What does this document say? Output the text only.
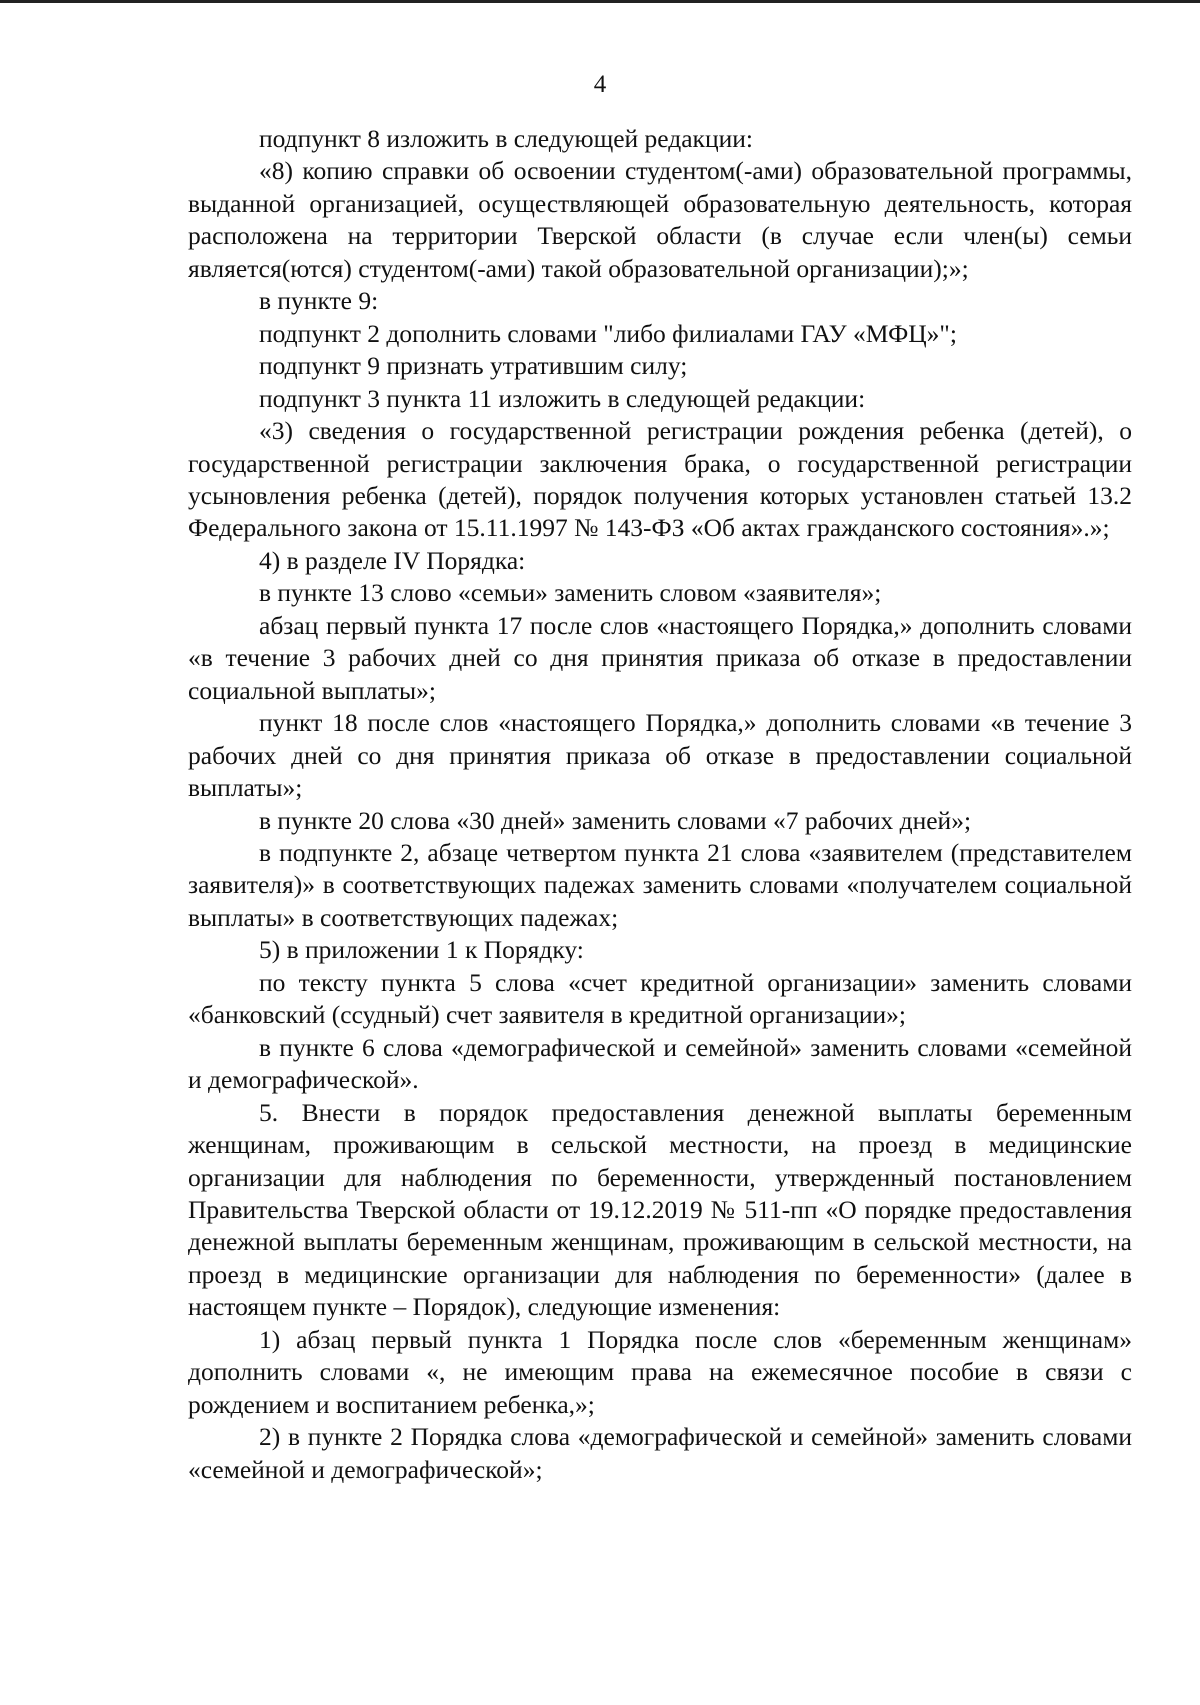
4

подпункт 8 изложить в следующей редакции:

«8) копию справки об освоении студентом(-ами) образовательной программы, выданной организацией, осуществляющей образовательную деятельность, которая расположена на территории Тверской области (в случае если член(ы) семьи является(ются) студентом(-ами) такой образовательной организации);»;

в пункте 9:

подпункт 2 дополнить словами "либо филиалами ГАУ «МФЦ»";

подпункт 9 признать утратившим силу;

подпункт 3 пункта 11 изложить в следующей редакции:

«3) сведения о государственной регистрации рождения ребенка (детей), о государственной регистрации заключения брака, о государственной регистрации усыновления ребенка (детей), порядок получения которых установлен статьей 13.2 Федерального закона от 15.11.1997 № 143-ФЗ «Об актах гражданского состояния».»;

4) в разделе IV Порядка:

в пункте 13 слово «семьи» заменить словом «заявителя»;

абзац первый пункта 17 после слов «настоящего Порядка,» дополнить словами «в течение 3 рабочих дней со дня принятия приказа об отказе в предоставлении социальной выплаты»;

пункт 18 после слов «настоящего Порядка,» дополнить словами «в течение 3 рабочих дней со дня принятия приказа об отказе в предоставлении социальной выплаты»;

в пункте 20 слова «30 дней» заменить словами «7 рабочих дней»;

в подпункте 2, абзаце четвертом пункта 21 слова «заявителем (представителем заявителя)» в соответствующих падежах заменить словами «получателем социальной выплаты» в соответствующих падежах;

5) в приложении 1 к Порядку:

по тексту пункта 5 слова «счет кредитной организации» заменить словами «банковский (ссудный) счет заявителя в кредитной организации»;

в пункте 6 слова «демографической и семейной» заменить словами «семейной и демографической».

5. Внести в порядок предоставления денежной выплаты беременным женщинам, проживающим в сельской местности, на проезд в медицинские организации для наблюдения по беременности, утвержденный постановлением Правительства Тверской области от 19.12.2019 № 511-пп «О порядке предоставления денежной выплаты беременным женщинам, проживающим в сельской местности, на проезд в медицинские организации для наблюдения по беременности» (далее в настоящем пункте – Порядок), следующие изменения:

1) абзац первый пункта 1 Порядка после слов «беременным женщинам» дополнить словами «, не имеющим права на ежемесячное пособие в связи с рождением и воспитанием ребенка,»;

2) в пункте 2 Порядка слова «демографической и семейной» заменить словами «семейной и демографической»;
